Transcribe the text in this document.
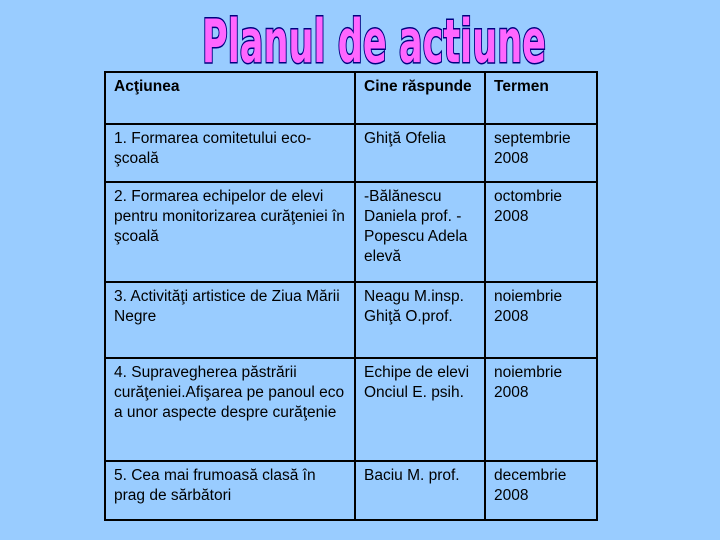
Planul de actiune
Acţiunea	Cine răspunde	Termen
1. Formarea comitetului eco-şcoală	Ghiţă Ofelia	septembrie 2008
2. Formarea echipelor de elevi pentru monitorizarea curăţeniei în şcoală	-Bălănescu Daniela prof. - Popescu Adela elevă	octombrie 2008
3. Activităţi artistice de Ziua Mării Negre	Neagu M.insp. Ghiţă O.prof.	noiembrie 2008
4. Supravegherea păstrării curăţeniei.Afişarea pe panoul eco a unor aspecte despre curăţenie	Echipe de elevi Onciul E. psih.	noiembrie 2008
5. Cea mai frumoasă clasă în prag de sărbători	Baciu M. prof.	decembrie 2008
